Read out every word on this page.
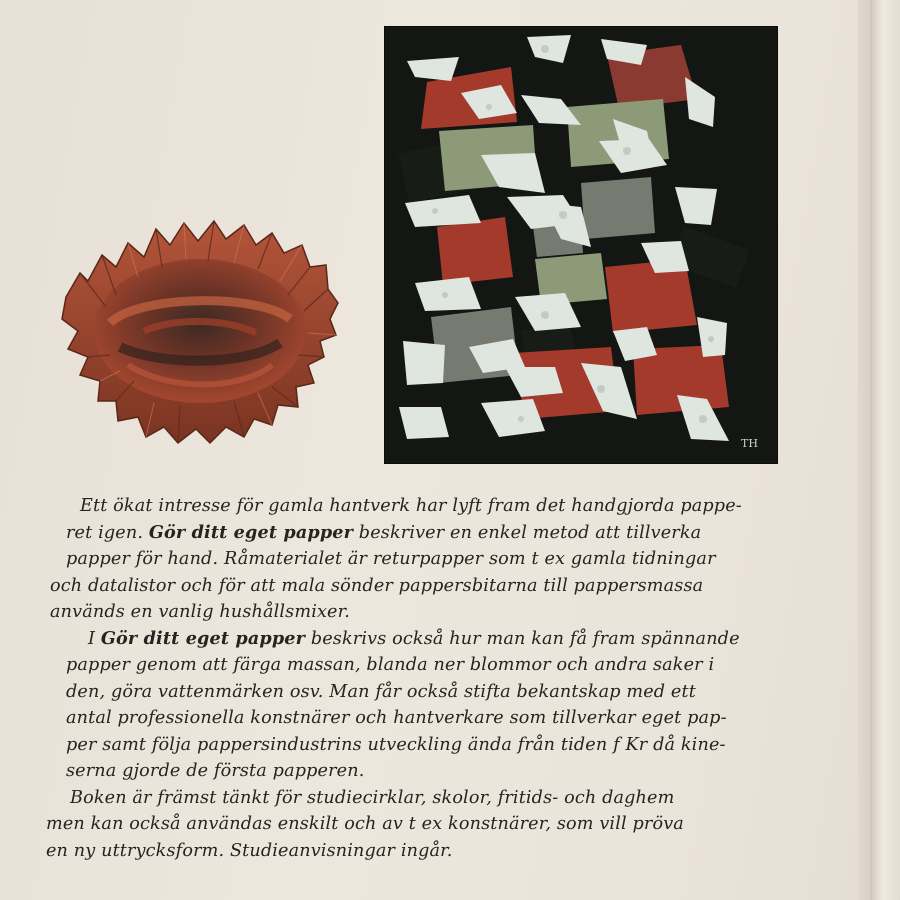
TH
Ett ökat intresse för gamla hantverk har lyft fram det handgjorda pappe-
ret igen. Gör ditt eget papper beskriver en enkel metod att tillverka
papper för hand. Råmaterialet är returpapper som t ex gamla tidningar
och datalistor och för att mala sönder pappersbitarna till pappersmassa
används en vanlig hushållsmixer.
I Gör ditt eget papper beskrivs också hur man kan få fram spännande
papper genom att färga massan, blanda ner blommor och andra saker i
den, göra vattenmärken osv. Man får också stifta bekantskap med ett
antal professionella konstnärer och hantverkare som tillverkar eget pap-
per samt följa pappersindustrins utveckling ända från tiden f Kr då kine-
serna gjorde de första papperen.
Boken är främst tänkt för studiecirklar, skolor, fritids- och daghem
men kan också användas enskilt och av t ex konstnärer, som vill pröva
en ny uttrycksform. Studieanvisningar ingår.
